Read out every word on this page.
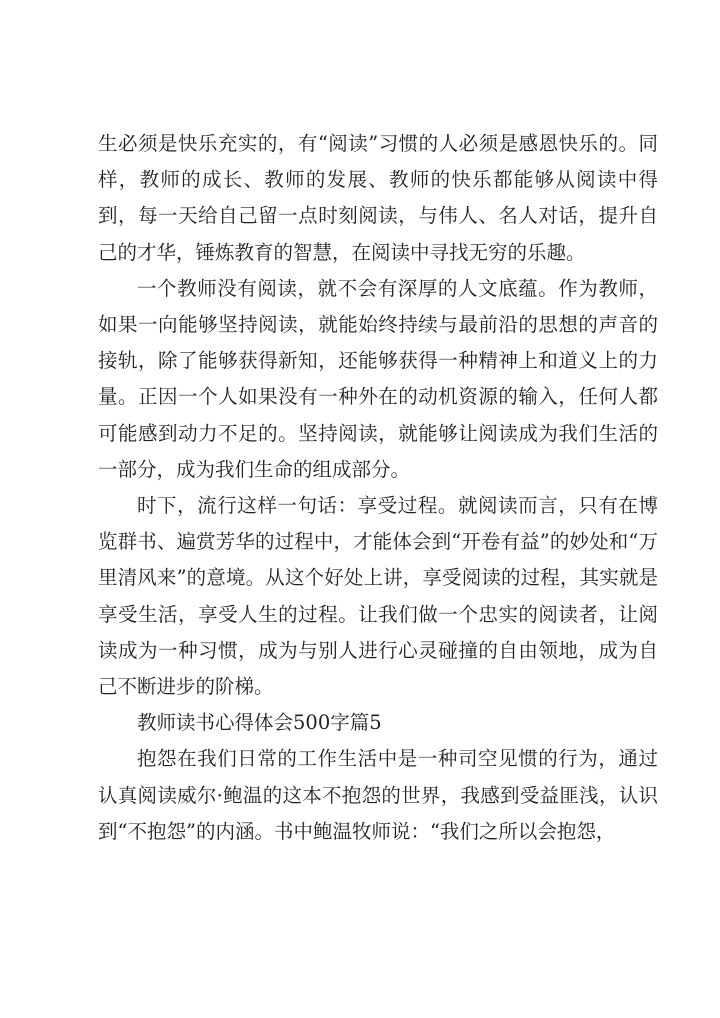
生必须是快乐充实的，有“阅读”习惯的人必须是感恩快乐的。同样，教师的成长、教师的发展、教师的快乐都能够从阅读中得到，每一天给自己留一点时刻阅读，与伟人、名人对话，提升自己的才华，锤炼教育的智慧，在阅读中寻找无穷的乐趣。

一个教师没有阅读，就不会有深厚的人文底蕴。作为教师，如果一向能够坚持阅读，就能始终持续与最前沿的思想的声音的接轨，除了能够获得新知，还能够获得一种精神上和道义上的力量。正因一个人如果没有一种外在的动机资源的输入，任何人都可能感到动力不足的。坚持阅读，就能够让阅读成为我们生活的一部分，成为我们生命的组成部分。

时下，流行这样一句话：享受过程。就阅读而言，只有在博览群书、遍赏芳华的过程中，才能体会到“开卷有益”的妙处和“万里清风来”的意境。从这个好处上讲，享受阅读的过程，其实就是享受生活，享受人生的过程。让我们做一个忠实的阅读者，让阅读成为一种习惯，成为与别人进行心灵碰撞的自由领地，成为自己不断进步的阶梯。

教师读书心得体会500字篇5

抱怨在我们日常的工作生活中是一种司空见惯的行为，通过认真阅读威尔·鲍温的这本不抱怨的世界，我感到受益匪浅，认识到“不抱怨”的内涵。书中鲍温牧师说：“我们之所以会抱怨，
